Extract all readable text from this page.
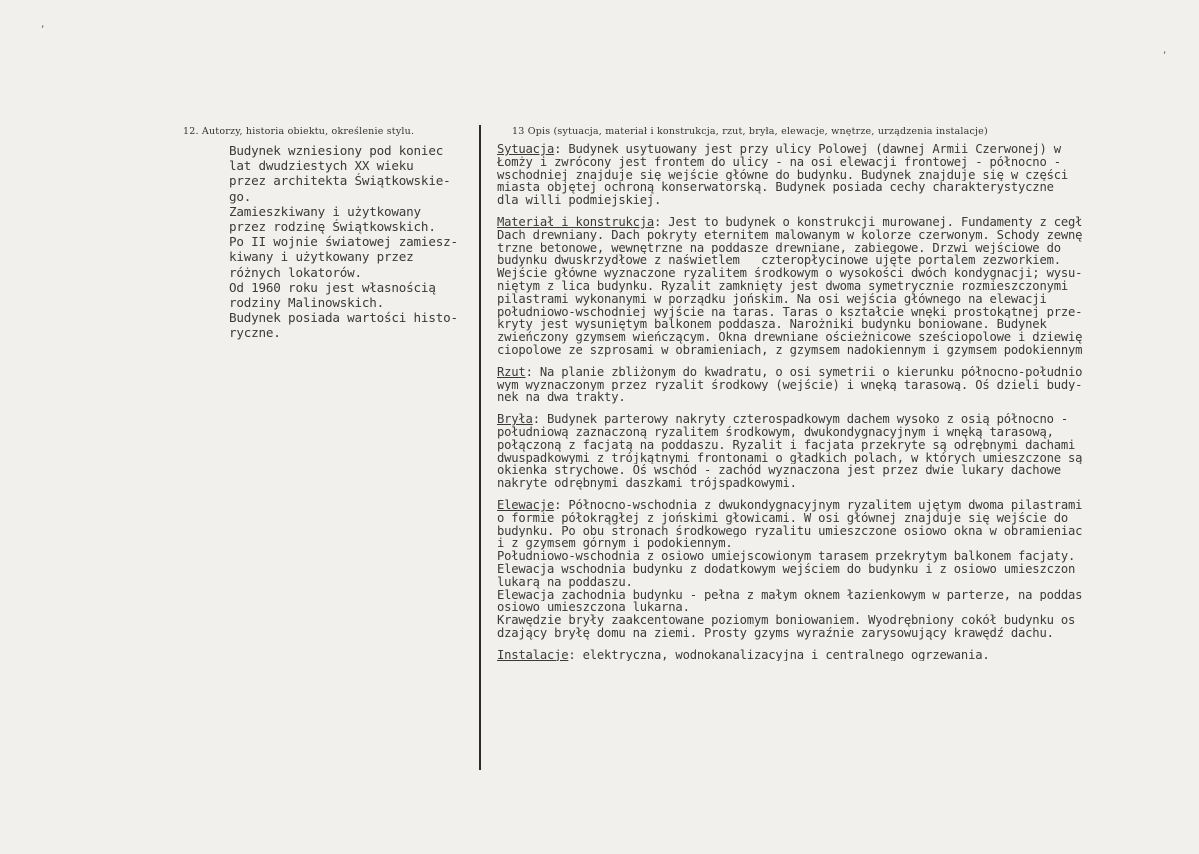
,
,
12. Autorzy, historia obiektu, określenie stylu.	13 Opis (sytuacja, materiał i konstrukcja, rzut, bryła, elewacje, wnętrze, urządzenia instalacje)
Budynek wzniesiony pod koniec
lat dwudziestych XX wieku
przez architekta Świątkowskie-
go.
Zamieszkiwany i użytkowany
przez rodzinę Świątkowskich.
Po II wojnie światowej zamiesz-
kiwany i użytkowany przez
różnych lokatorów.
Od 1960 roku jest własnością
rodziny Malinowskich.
Budynek posiada wartości histo-
ryczne.
Sytuacja: Budynek usytuowany jest przy ulicy Polowej (dawnej Armii Czerwonej) w
Łomży i zwrócony jest frontem do ulicy - na osi elewacji frontowej - północno -
wschodniej znajduje się wejście główne do budynku. Budynek znajduje się w części
miasta objętej ochroną konserwatorską. Budynek posiada cechy charakterystyczne
dla willi podmiejskiej.
Materiał i konstrukcja: Jest to budynek o konstrukcji murowanej. Fundamenty z cegł
Dach drewniany. Dach pokryty eternitem malowanym w kolorze czerwonym. Schody zewnę
trzne betonowe, wewnętrzne na poddasze drewniane, zabiegowe. Drzwi wejściowe do
budynku dwuskrzydłowe z naświetlem   czteropłycinowe ujęte portalem zezworkiem.
Wejście główne wyznaczone ryzalitem środkowym o wysokości dwóch kondygnacji; wysu-
niętym z lica budynku. Ryzalit zamknięty jest dwoma symetrycznie rozmieszczonymi
pilastrami wykonanymi w porządku jońskim. Na osi wejścia głównego na elewacji
południowo-wschodniej wyjście na taras. Taras o kształcie wnęki prostokątnej prze-
kryty jest wysuniętym balkonem poddasza. Narożniki budynku boniowane. Budynek
zwieńczony gzymsem wieńczącym. Okna drewniane ościeżnicowe sześciopolowe i dziewię
ciopolowe ze szprosami w obramieniach, z gzymsem nadokiennym i gzymsem podokiennym
Rzut: Na planie zbliżonym do kwadratu, o osi symetrii o kierunku północno-południo
wym wyznaczonym przez ryzalit środkowy (wejście) i wnęką tarasową. Oś dzieli budy-
nek na dwa trakty.
Bryła: Budynek parterowy nakryty czterospadkowym dachem wysoko z osią północno -
południową zaznaczoną ryzalitem środkowym, dwukondygnacyjnym i wnęką tarasową,
połączoną z facjatą na poddaszu. Ryzalit i facjata przekryte są odrębnymi dachami
dwuspadkowymi z trójkątnymi frontonami o gładkich polach, w których umieszczone są
okienka strychowe. Oś wschód - zachód wyznaczona jest przez dwie lukary dachowe
nakryte odrębnymi daszkami trójspadkowymi.
Elewacje: Północno-wschodnia z dwukondygnacyjnym ryzalitem ujętym dwoma pilastrami
o formie półokrągłej z jońskimi głowicami. W osi głównej znajduje się wejście do
budynku. Po obu stronach środkowego ryzalitu umieszczone osiowo okna w obramieniac
i z gzymsem górnym i podokiennym.
Południowo-wschodnia z osiowo umiejscowionym tarasem przekrytym balkonem facjaty.
Elewacja wschodnia budynku z dodatkowym wejściem do budynku i z osiowo umieszczon
lukarą na poddaszu.
Elewacja zachodnia budynku - pełna z małym oknem łazienkowym w parterze, na poddas
osiowo umieszczona lukarna.
Krawędzie bryły zaakcentowane poziomym boniowaniem. Wyodrębniony cokół budynku os
dzający bryłę domu na ziemi. Prosty gzyms wyraźnie zarysowujący krawędź dachu.
Instalacje: elektryczna, wodnokanalizacyjna i centralnego ogrzewania.
